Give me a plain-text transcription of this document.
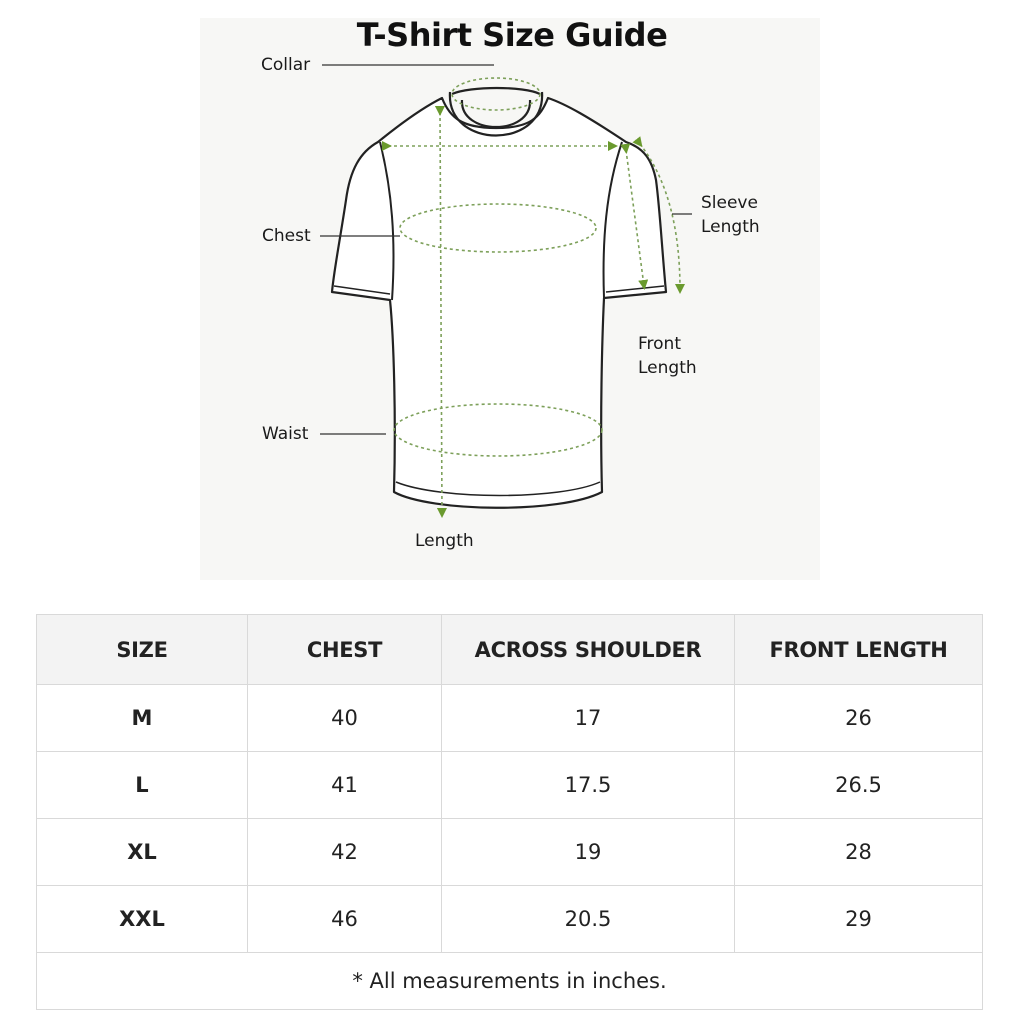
T-Shirt Size Guide
Collar
Chest
Waist
Length
Sleeve
Length
Front
Length
SIZE	CHEST	ACROSS SHOULDER	FRONT LENGTH
M	40	17	26
L	41	17.5	26.5
XL	42	19	28
XXL	46	20.5	29
* All measurements in inches.			
